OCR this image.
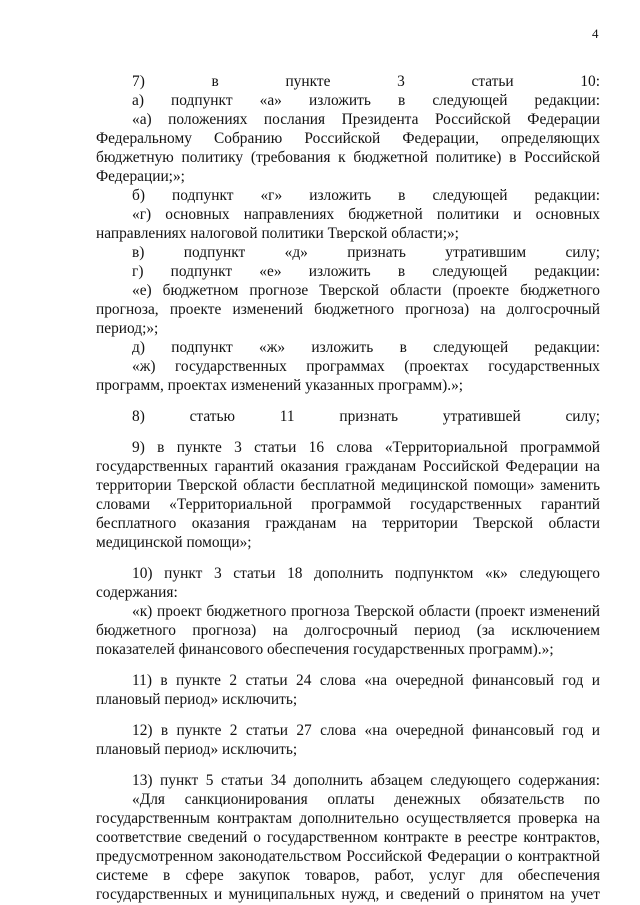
4
7) в пункте 3 статьи 10:
а) подпункт «а» изложить в следующей редакции:
«а) положениях послания Президента Российской Федерации
Федеральному Собранию Российской Федерации, определяющих
бюджетную политику (требования к бюджетной политике) в Российской
Федерации;»;
б) подпункт «г» изложить в следующей редакции:
«г) основных направлениях бюджетной политики и основных
направлениях налоговой политики Тверской области;»;
в) подпункт «д» признать утратившим силу;
г) подпункт «е» изложить в следующей редакции:
«е) бюджетном прогнозе Тверской области (проекте бюджетного
прогноза, проекте изменений бюджетного прогноза) на долгосрочный
период;»;
д) подпункт «ж» изложить в следующей редакции:
«ж) государственных программах (проектах государственных
программ, проектах изменений указанных программ).»;
8) статью 11 признать утратившей силу;
9) в пункте 3 статьи 16 слова «Территориальной программой
государственных гарантий оказания гражданам Российской Федерации на
территории Тверской области бесплатной медицинской помощи» заменить
словами «Территориальной программой государственных гарантий
бесплатного оказания гражданам на территории Тверской области
медицинской помощи»;
10) пункт 3 статьи 18 дополнить подпунктом «к» следующего
содержания:
«к) проект бюджетного прогноза Тверской области (проект изменений
бюджетного прогноза) на долгосрочный период (за исключением
показателей финансового обеспечения государственных программ).»;
11) в пункте 2 статьи 24 слова «на очередной финансовый год и
плановый период» исключить;
12) в пункте 2 статьи 27 слова «на очередной финансовый год и
плановый период» исключить;
13) пункт 5 статьи 34 дополнить абзацем следующего содержания:
«Для санкционирования оплаты денежных обязательств по
государственным контрактам дополнительно осуществляется проверка на
соответствие сведений о государственном контракте в реестре контрактов,
предусмотренном законодательством Российской Федерации о контрактной
системе в сфере закупок товаров, работ, услуг для обеспечения
государственных и муниципальных нужд, и сведений о принятом на учет
